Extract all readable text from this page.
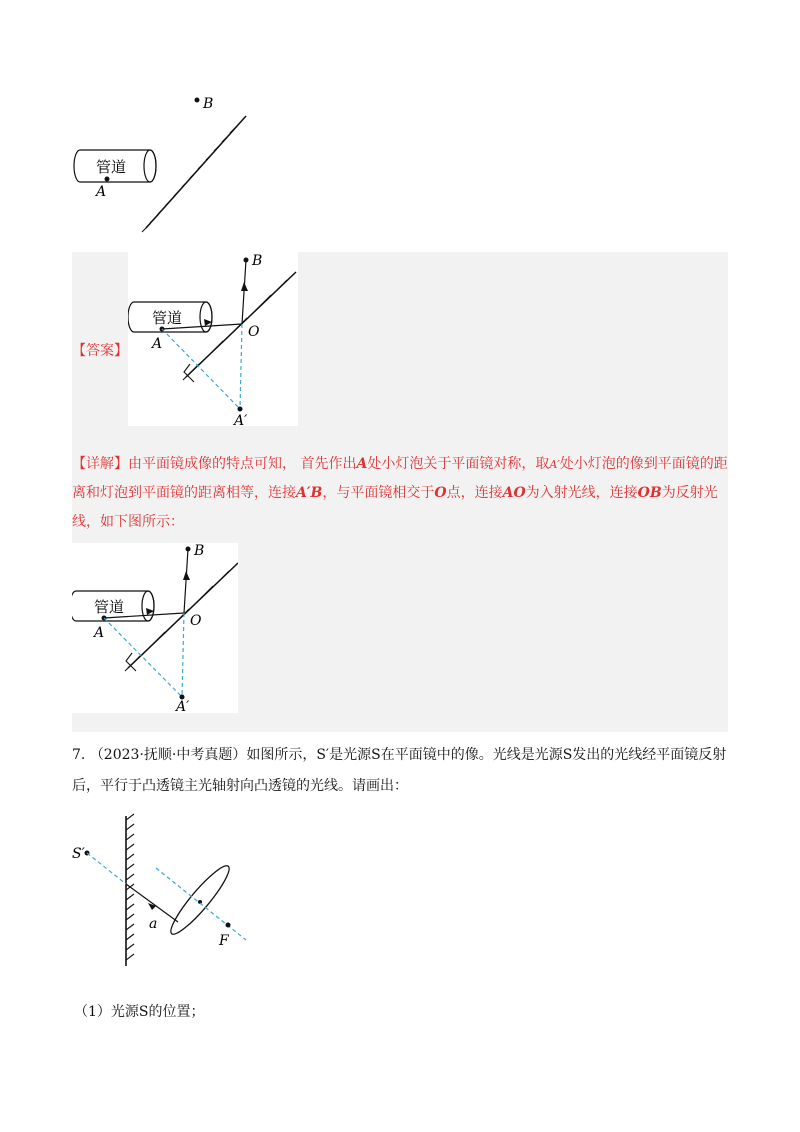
B
管道
A
【答案】
管道
A
B
O
A′
【详解】由平面镜成像的特点可知， 首先作出A处小灯泡关于平面镜对称，取A′处小灯泡的像到平面镜的距离和灯泡到平面镜的距离相等，连接A′B，与平面镜相交于O点，连接AO为入射光线，连接OB为反射光线，如下图所示：
管道
A
B
O
A′
7. （2023·抚顺·中考真题）如图所示，S′是光源S在平面镜中的像。光线是光源S发出的光线经平面镜反射后，平行于凸透镜主光轴射向凸透镜的光线。请画出：
S′
a
F
（1）光源S的位置；
